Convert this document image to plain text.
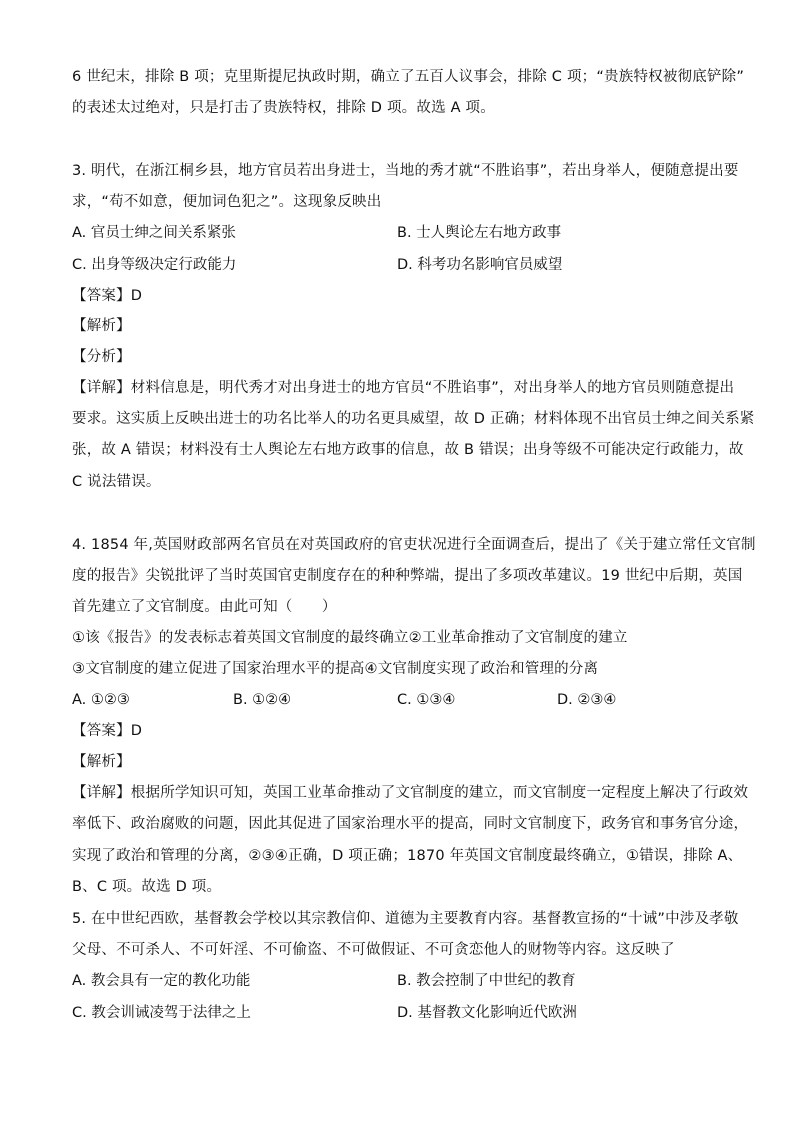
6 世纪末，排除 B 项；克里斯提尼执政时期，确立了五百人议事会，排除 C 项；“贵族特权被彻底铲除”
的表述太过绝对，只是打击了贵族特权，排除 D 项。故选 A 项。
3. 明代，在浙江桐乡县，地方官员若出身进士，当地的秀才就“不胜谄事”，若出身举人，便随意提出要
求，“苟不如意，便加词色犯之”。这现象反映出
A. 官员士绅之间关系紧张	B. 士人舆论左右地方政事
C. 出身等级决定行政能力	D. 科考功名影响官员威望
【答案】D
【解析】
【分析】
【详解】材料信息是，明代秀才对出身进士的地方官员“不胜谄事”，对出身举人的地方官员则随意提出
要求。这实质上反映出进士的功名比举人的功名更具威望，故 D 正确；材料体现不出官员士绅之间关系紧
张，故 A 错误；材料没有士人舆论左右地方政事的信息，故 B 错误；出身等级不可能决定行政能力，故
C 说法错误。
4. 1854 年,英国财政部两名官员在对英国政府的官吏状况进行全面调查后，提出了《关于建立常任文官制
度的报告》尖锐批评了当时英国官吏制度存在的种种弊端，提出了多项改革建议。19 世纪中后期，英国
首先建立了文官制度。由此可知（　　）
①该《报告》的发表标志着英国文官制度的最终确立②工业革命推动了文官制度的建立
③文官制度的建立促进了国家治理水平的提高④文官制度实现了政治和管理的分离
A. ①②③	B. ①②④	C. ①③④	D. ②③④
【答案】D
【解析】
【详解】根据所学知识可知，英国工业革命推动了文官制度的建立，而文官制度一定程度上解决了行政效
率低下、政治腐败的问题，因此其促进了国家治理水平的提高，同时文官制度下，政务官和事务官分途，
实现了政治和管理的分离，②③④正确，D 项正确；1870 年英国文官制度最终确立，①错误，排除 A、
B、C 项。故选 D 项。
5. 在中世纪西欧，基督教会学校以其宗教信仰、道德为主要教育内容。基督教宣扬的“十诫”中涉及孝敬
父母、不可杀人、不可奸淫、不可偷盗、不可做假证、不可贪恋他人的财物等内容。这反映了
A. 教会具有一定的教化功能	B. 教会控制了中世纪的教育
C. 教会训诫凌驾于法律之上	D. 基督教文化影响近代欧洲
